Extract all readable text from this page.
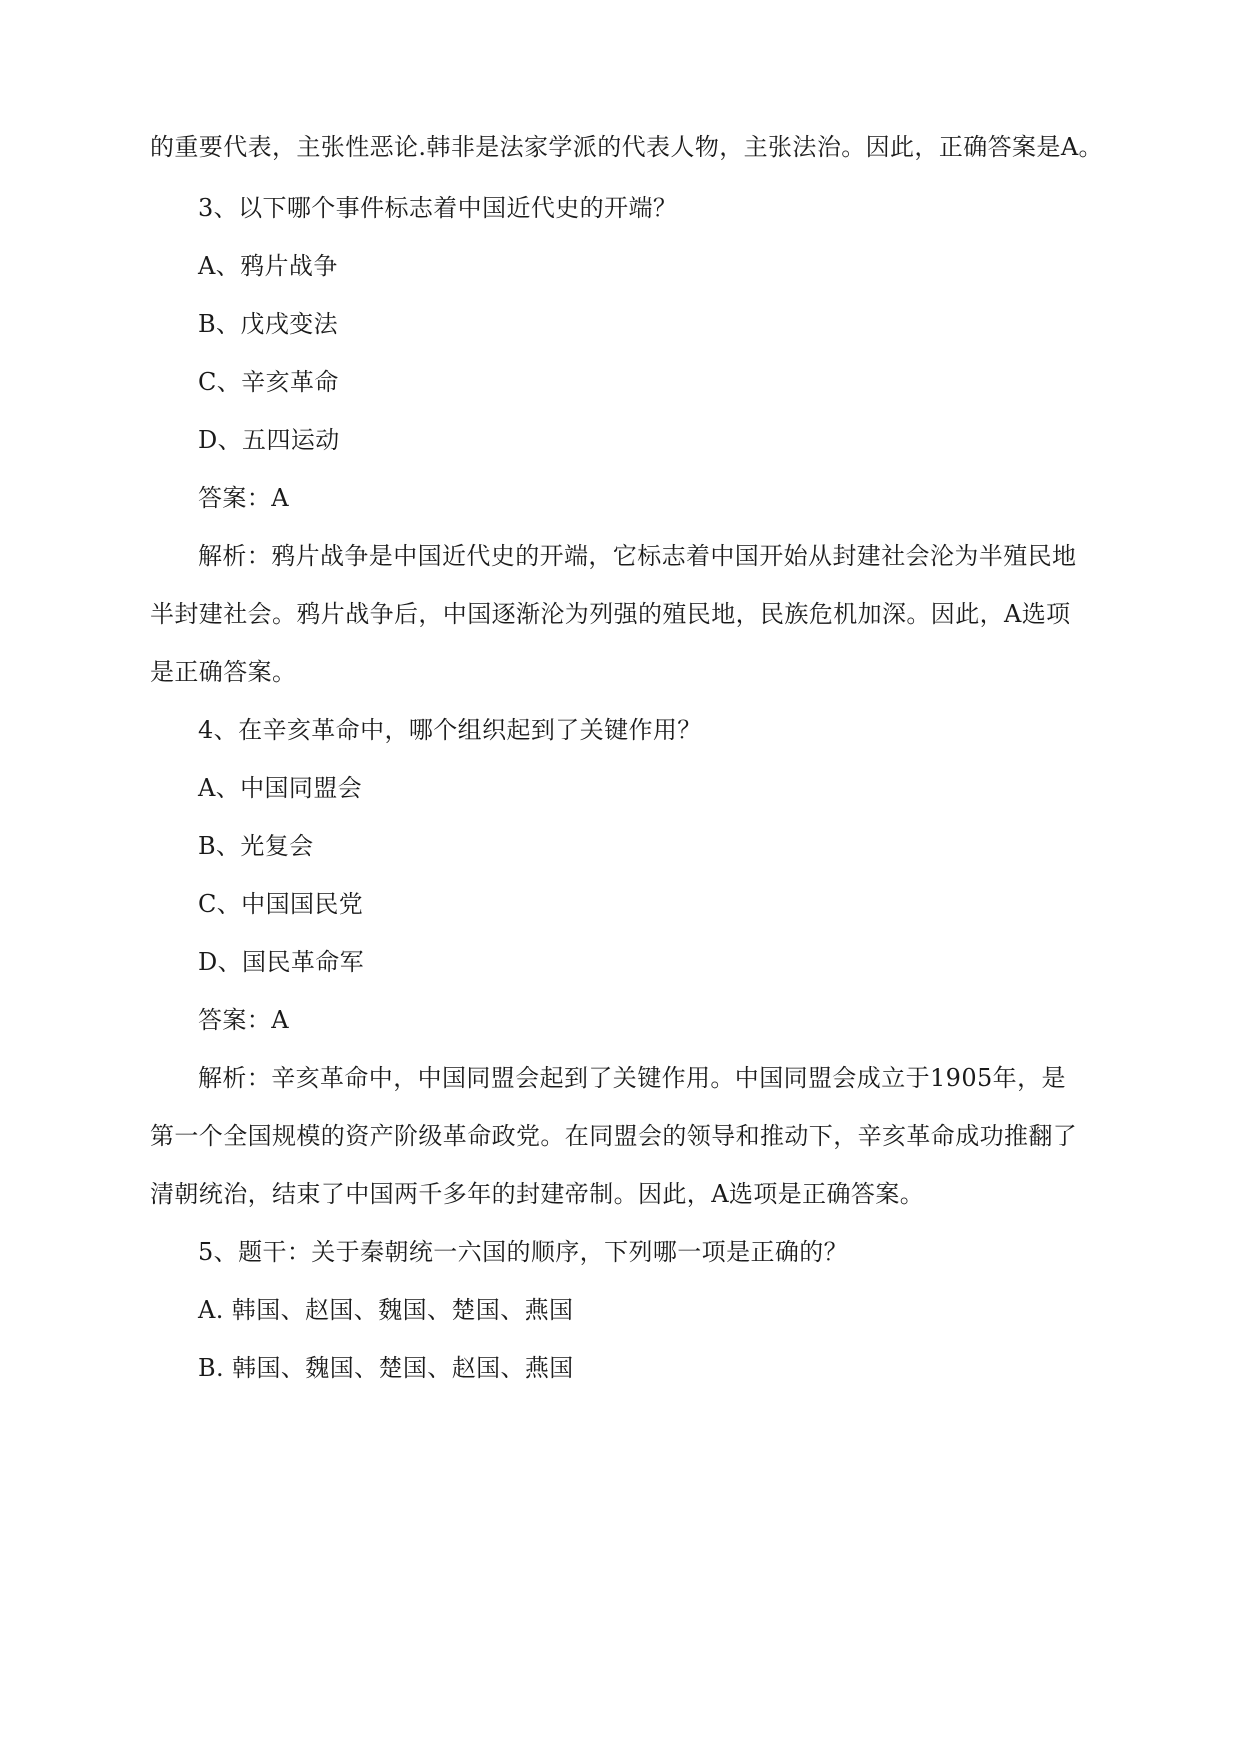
的重要代表，主张性恶论.韩非是法家学派的代表人物，主张法治。因此，正确答案是A。
3、以下哪个事件标志着中国近代史的开端？
A、鸦片战争
B、戊戌变法
C、辛亥革命
D、五四运动
答案：A
解析：鸦片战争是中国近代史的开端，它标志着中国开始从封建社会沦为半殖民地
半封建社会。鸦片战争后，中国逐渐沦为列强的殖民地，民族危机加深。因此，A选项
是正确答案。
4、在辛亥革命中，哪个组织起到了关键作用？
A、中国同盟会
B、光复会
C、中国国民党
D、国民革命军
答案：A
解析：辛亥革命中，中国同盟会起到了关键作用。中国同盟会成立于1905年，是
第一个全国规模的资产阶级革命政党。在同盟会的领导和推动下，辛亥革命成功推翻了
清朝统治，结束了中国两千多年的封建帝制。因此，A选项是正确答案。
5、题干：关于秦朝统一六国的顺序，下列哪一项是正确的？
A. 韩国、赵国、魏国、楚国、燕国
B. 韩国、魏国、楚国、赵国、燕国
